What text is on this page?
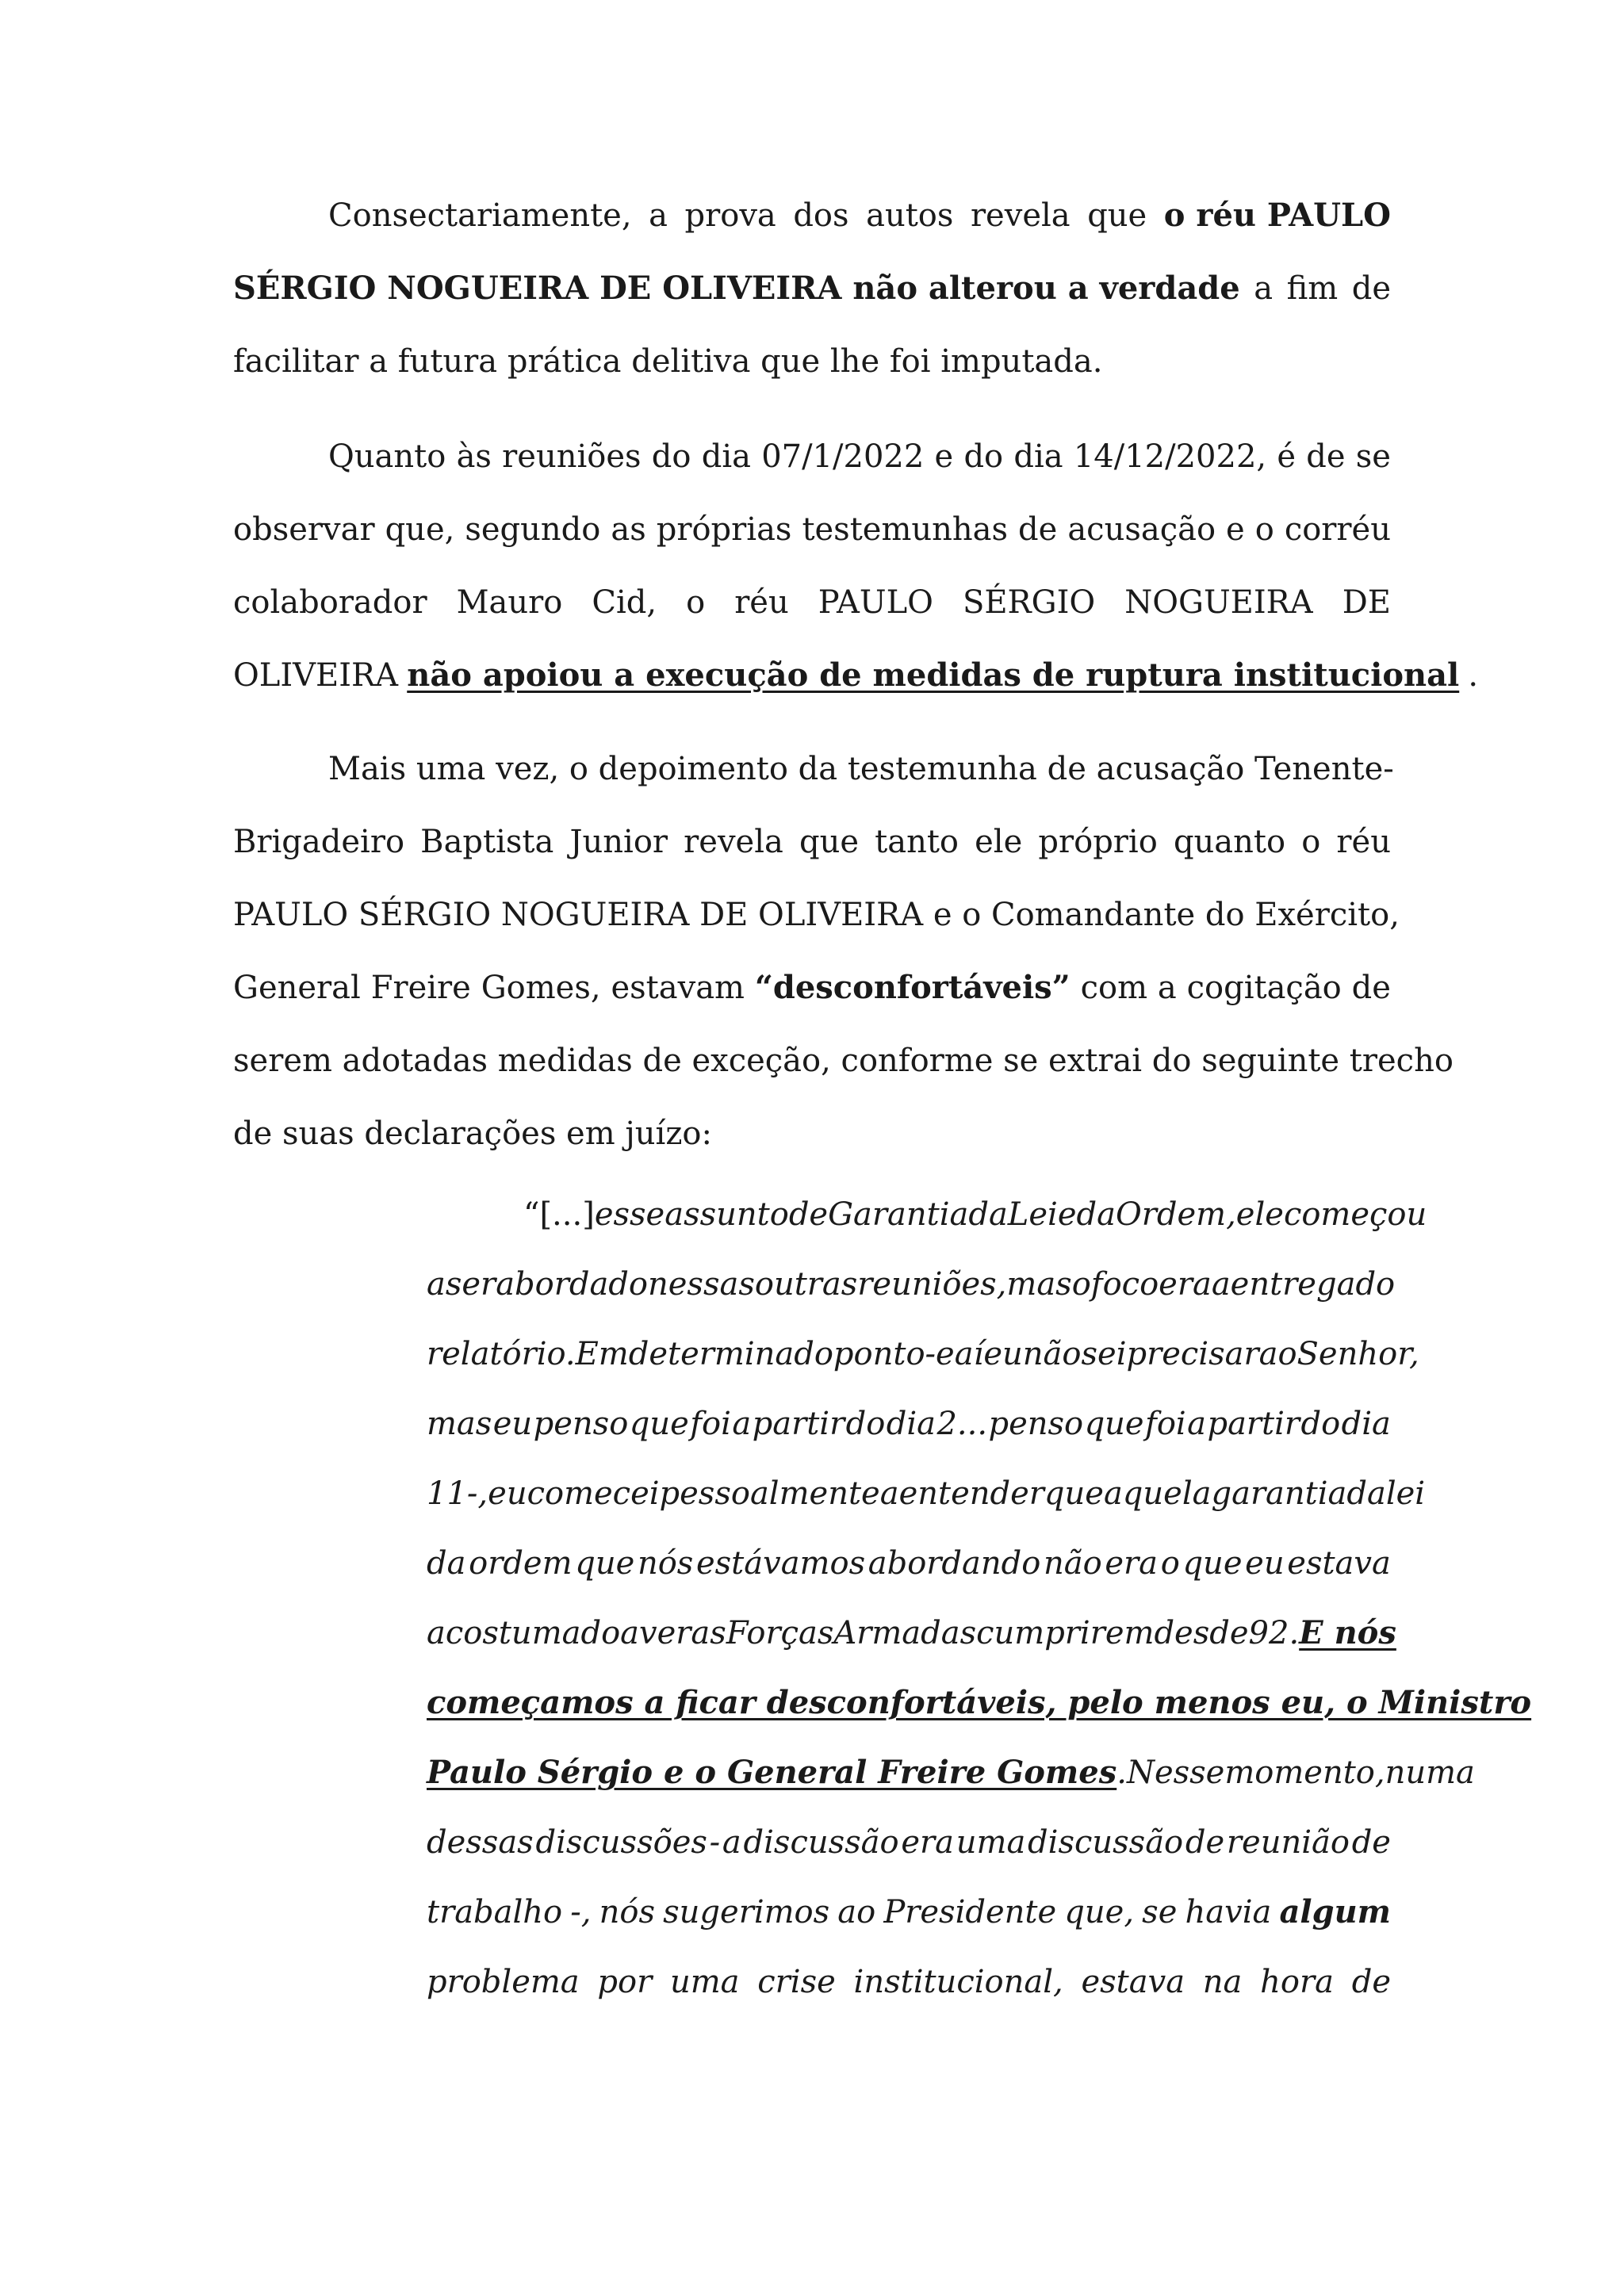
Consectariamente, a prova dos autos revela que o réu PAULO
SÉRGIO NOGUEIRA DE OLIVEIRA não alterou a verdade a fim de
facilitar a futura prática delitiva que lhe foi imputada.
Quanto às reuniões do dia 07/1/2022 e do dia 14/12/2022, é de se
observar que, segundo as próprias testemunhas de acusação e o corréu
colaborador Mauro Cid, o réu PAULO SÉRGIO NOGUEIRA DE
OLIVEIRA não apoiou a execução de medidas de ruptura institucional .
Mais uma vez, o depoimento da testemunha de acusação Tenente-
Brigadeiro Baptista Junior revela que tanto ele próprio quanto o réu
PAULO SÉRGIO NOGUEIRA DE OLIVEIRA e o Comandante do Exército,
General Freire Gomes, estavam “desconfortáveis” com a cogitação de
serem adotadas medidas de exceção, conforme se extrai do seguinte trecho
de suas declarações em juízo:
“[...] esse assunto de Garantia da Lei e da Ordem, ele começou
a ser abordado nessas outras reuniões, mas o foco era a entrega do
relatório. Em determinado ponto - e aí eu não sei precisar ao Senhor,
mas eu penso que foi a partir do dia 2... penso que foi a partir do dia
11 -, eu comecei pessoalmente a entender que aquela garantia da lei
da ordem que nós estávamos abordando não era o que eu estava
acostumado a ver as Forças Armadas cumprirem desde 92. E nós
começamos a ficar desconfortáveis, pelo menos eu, o Ministro
Paulo Sérgio e o General Freire Gomes . Nesse momento, numa
dessas discussões - a discussão era uma discussão de reunião de
trabalho -, nós sugerimos ao Presidente que, se havia algum
problema por uma crise institucional, estava na hora de
